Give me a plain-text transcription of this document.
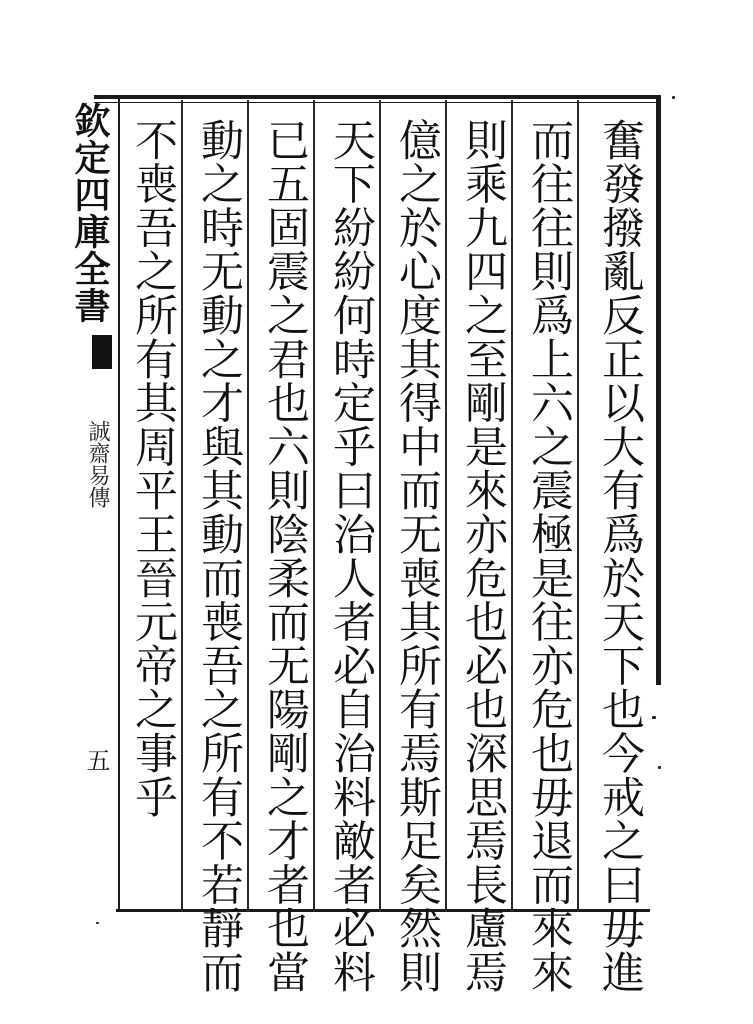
欽定四庫全書
誠齋易傳
五	奮發撥亂反正以大有爲於天下也今戒之曰毋進
而往往則爲上六之震極是往亦危也毋退而來來
則乘九四之至剛是來亦危也必也深思焉長慮焉
億之於心度其得中而无喪其所有焉斯足矣然則
天下紛紛何時定乎曰治人者必自治料敵者必料
已五固震之君也六則陰柔而无陽剛之才者也當
動之時无動之才與其動而喪吾之所有不若靜而
不喪吾之所有其周平王晉元帝之事乎
